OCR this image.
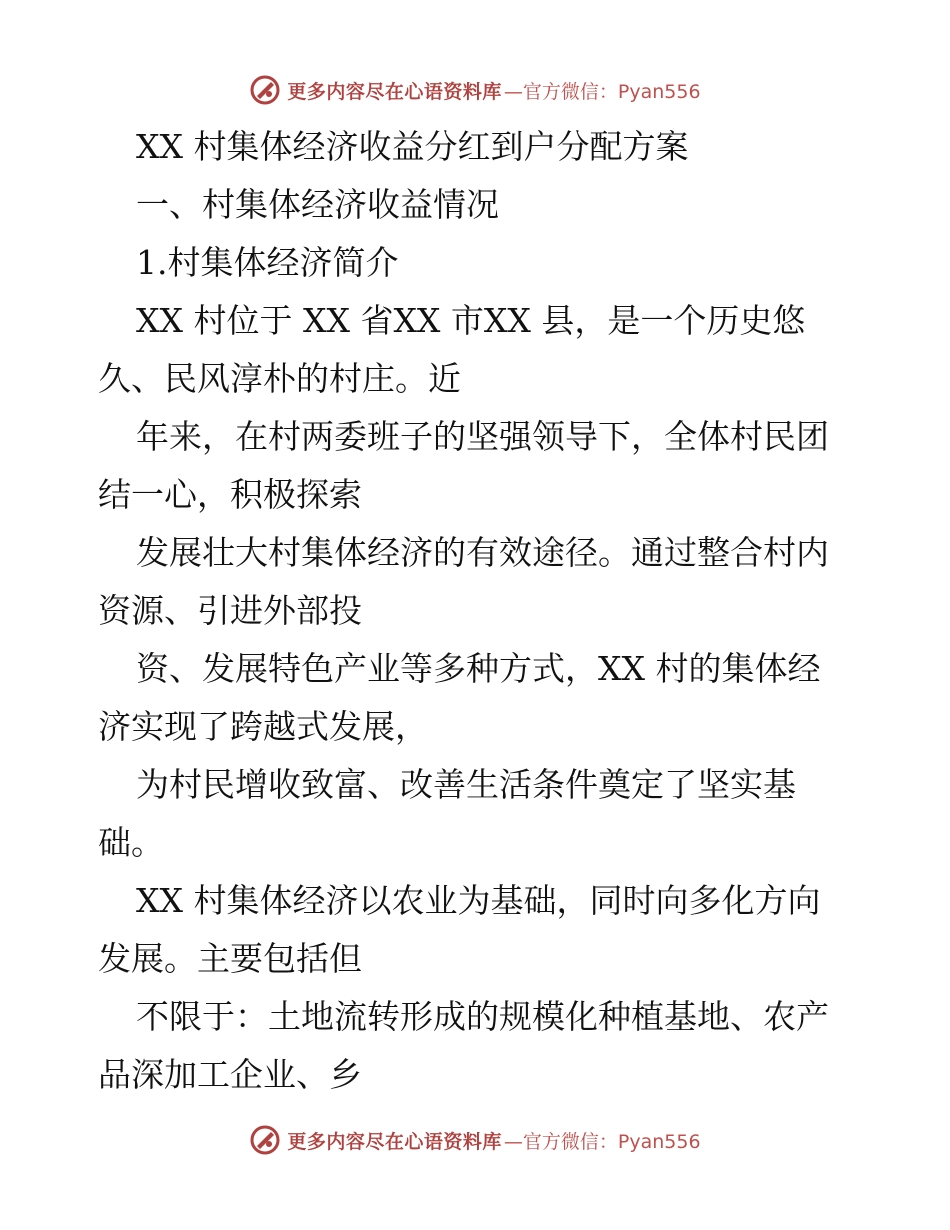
更多内容尽在心语资料库 —官方微信：Pyan556
XX 村集体经济收益分红到户分配方案
一、村集体经济收益情况
1.村集体经济简介
XX 村位于 XX 省XX 市XX 县，是一个历史悠
久、民风淳朴的村庄。近
年来，在村两委班子的坚强领导下，全体村民团
结一心，积极探索
发展壮大村集体经济的有效途径。通过整合村内
资源、引进外部投
资、发展特色产业等多种方式，XX 村的集体经
济实现了跨越式发展，
为村民增收致富、改善生活条件奠定了坚实基
础。
XX 村集体经济以农业为基础，同时向多化方向
发展。主要包括但
不限于：土地流转形成的规模化种植基地、农产
品深加工企业、乡
更多内容尽在心语资料库 —官方微信：Pyan556
